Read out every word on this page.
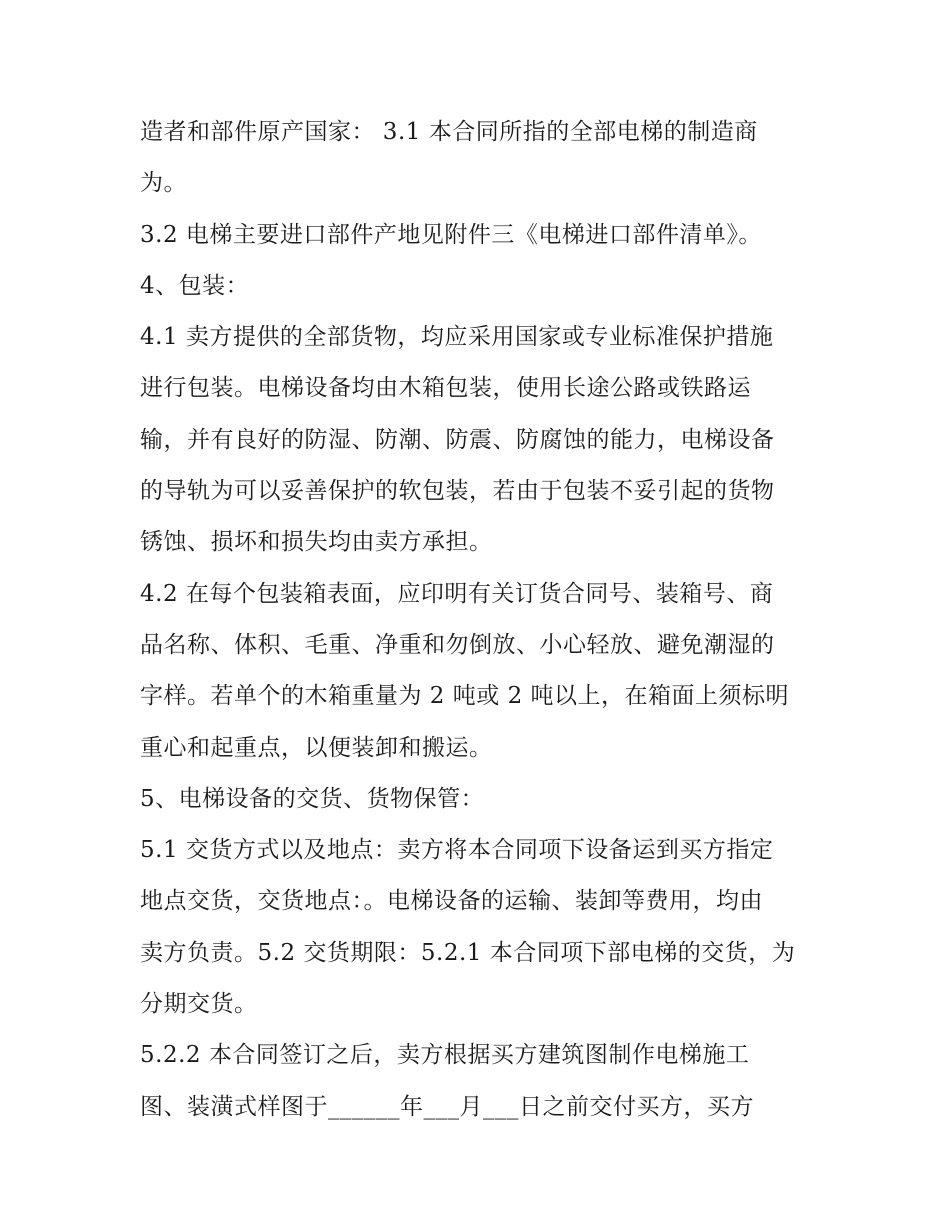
造者和部件原产国家： 3.1 本合同所指的全部电梯的制造商
为。
3.2 电梯主要进口部件产地见附件三《电梯进口部件清单》。
4、包装：
4.1 卖方提供的全部货物，均应采用国家或专业标准保护措施
进行包装。电梯设备均由木箱包装，使用长途公路或铁路运
输，并有良好的防湿、防潮、防震、防腐蚀的能力，电梯设备
的导轨为可以妥善保护的软包装，若由于包装不妥引起的货物
锈蚀、损坏和损失均由卖方承担。
4.2 在每个包装箱表面，应印明有关订货合同号、装箱号、商
品名称、体积、毛重、净重和勿倒放、小心轻放、避免潮湿的
字样。若单个的木箱重量为 2 吨或 2 吨以上，在箱面上须标明
重心和起重点，以便装卸和搬运。
5、电梯设备的交货、货物保管：
5.1 交货方式以及地点：卖方将本合同项下设备运到买方指定
地点交货，交货地点：。电梯设备的运输、装卸等费用，均由
卖方负责。5.2 交货期限：5.2.1 本合同项下部电梯的交货，为
分期交货。
5.2.2 本合同签订之后，卖方根据买方建筑图制作电梯施工
图、装潢式样图于______年___月___日之前交付买方，买方
